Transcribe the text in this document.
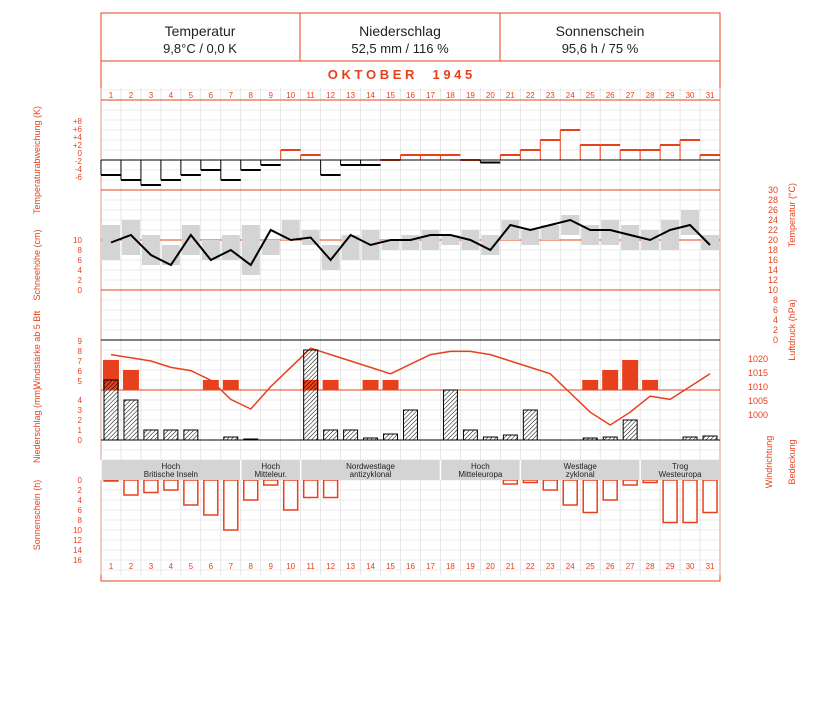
1
1
2
2
3
3
4
4
5
5
6
6
7
7
8
8
9
9
10
10
11
11
12
12
13
13
14
14
15
15
16
16
17
17
18
18
19
19
20
20
21
21
22
22
23
23
24
24
25
25
26
26
27
27
28
28
29
29
30
30
31
31
-6
-4
-2
0
+2
+4
+6
+8
30
28
26
24
22
20
18
16
14
12
10
8
6
4
2
0
10
8
6
4
2
0
9
8
7
6
5
1020
1015
1010
1005
1000
4
3
2
1
0
0
2
4
6
8
10
12
14
16
Temperatur
9,8°C / 0,0 K
Niederschlag
52,5 mm / 116 %
Sonnenschein
95,6 h / 75 %
O K T O B E R     1 9 4 5
Temperaturabweichung (K)
Schneehöhe (cm)
Windstärke ab 5 Bft
Niederschlag (mm)
Sonnenschein (h)
Temperatur (°C)
Luftdruck (hPa)
Windrichtung Bedeckung
Hoch
Britische Inseln
Hoch
Mitteleur.
Nordwestlage
antizyklonal
Hoch
Mitteleuropa
Westlage
zyklonal
Trog
Westeuropa
